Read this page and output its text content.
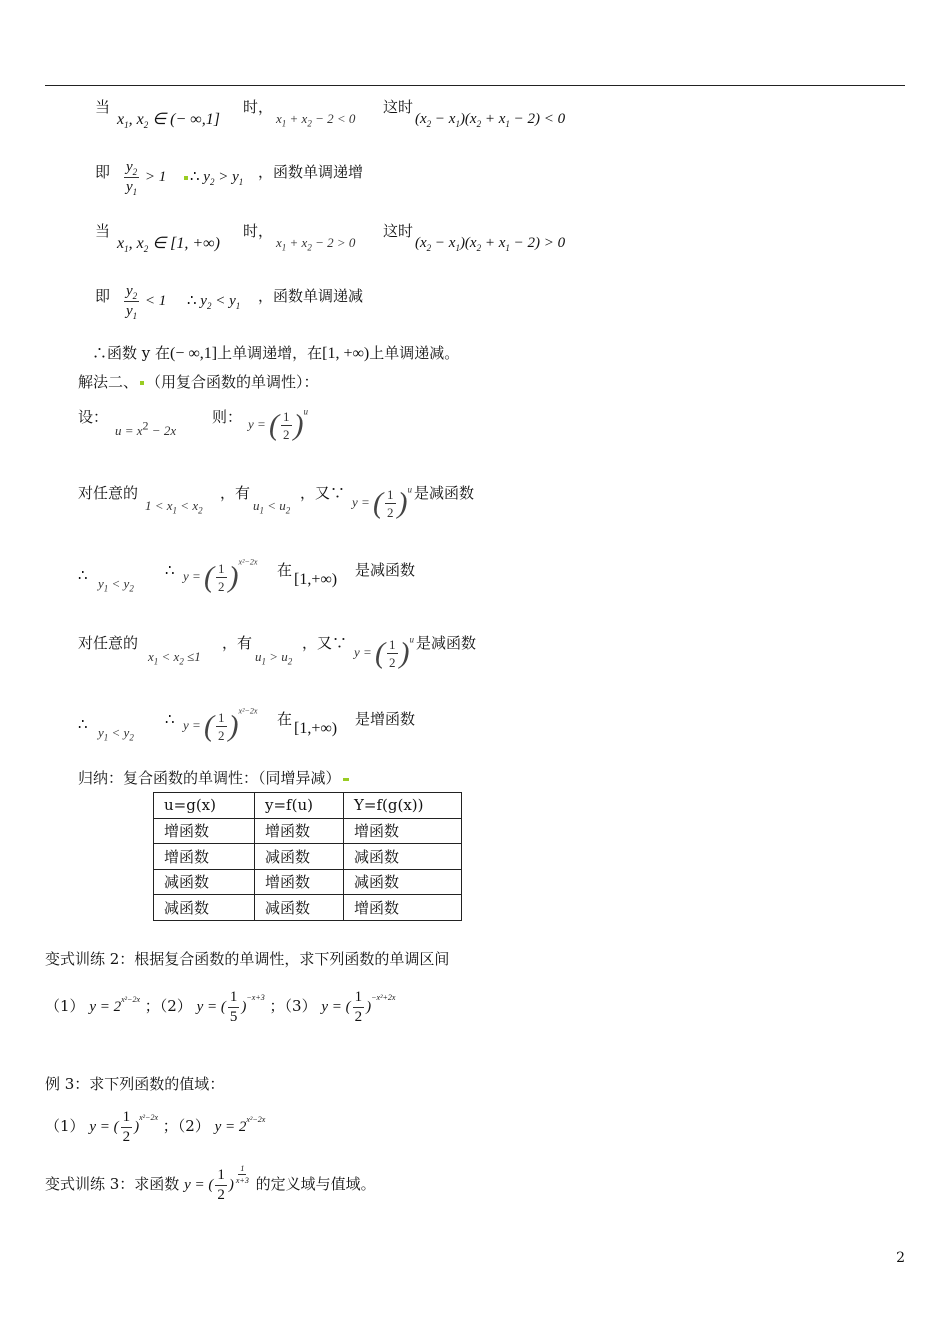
当
$x_1$, $x_2$ ∈ (− ∞,1]
时，
$x_1 + x_2 - 2 < 0$
这时
$(x_2 - x_1)(x_2 + x_1 - 2) < 0$
即 $\frac{y_2}{y_1} > 1$	∴ $y_2 > y_1$
，函数单调递增
当
$x_1$, $x_2$ ∈ [1, +∞)
时，
$x_1 + x_2 - 2 > 0$
这时
$(x_2 - x_1)(x_2 + x_1 - 2) > 0$
即 $\frac{y_2}{y_1} < 1$ ∴ $y_2 < y_1$
，函数单调递减
∴函数 y 在(− ∞,1]上单调递增，在[1, +∞)上单调递减。
解法二、 （用复合函数的单调性）：
设：
$u = x^2 - 2x$
则： y = ( $\frac{1}{2} )^u$
对任意的
$1 < x_1 < x_2$
，有
$u_1 < u_2$
，又∵
y = ( $\frac{1}{2} )^u$ 是减函数
∴ $y_1 < y_2$
∴ y = ( $\frac{1}{2} )^{x^2-2x}$ 在
[1,+∞)
是减函数
对任意的
$x_1 < x_2 \le 1$
，有
$u_1 > u_2$
，又∵
y = ( $\frac{1}{2} )^u$ 是减函数
∴ $y_1 < y_2$
∴ y = ( $\frac{1}{2} )^{x^2-2x}$ 在
[1,+∞)
是增函数
归纳：复合函数的单调性：（同增异减）
u=g(x)	y=f(u)	Y=f(g(x))
增函数	增函数	增函数
增函数	减函数	减函数
减函数	增函数	减函数
减函数	减函数	增函数
变式训练 2：根据复合函数的单调性，求下列函数的单调区间
（1） $y = 2^{x^2-2x}$ ；（2） y = ( $\frac{1}{5} )^{-x+3}$ ；（3） y = ( $\frac{1}{2} )^{-x^2+2x}$
例 3：求下列函数的值域：
（1） y = ( $\frac{1}{2} )^{x^2-2x}$ ；（2） $y = 2^{x^2-2x}$
变式训练 3：求函数 y = ( $\frac{1}{2}$ ) $^{\frac{1}{x+3}}$ 的定义域与值域。
2
